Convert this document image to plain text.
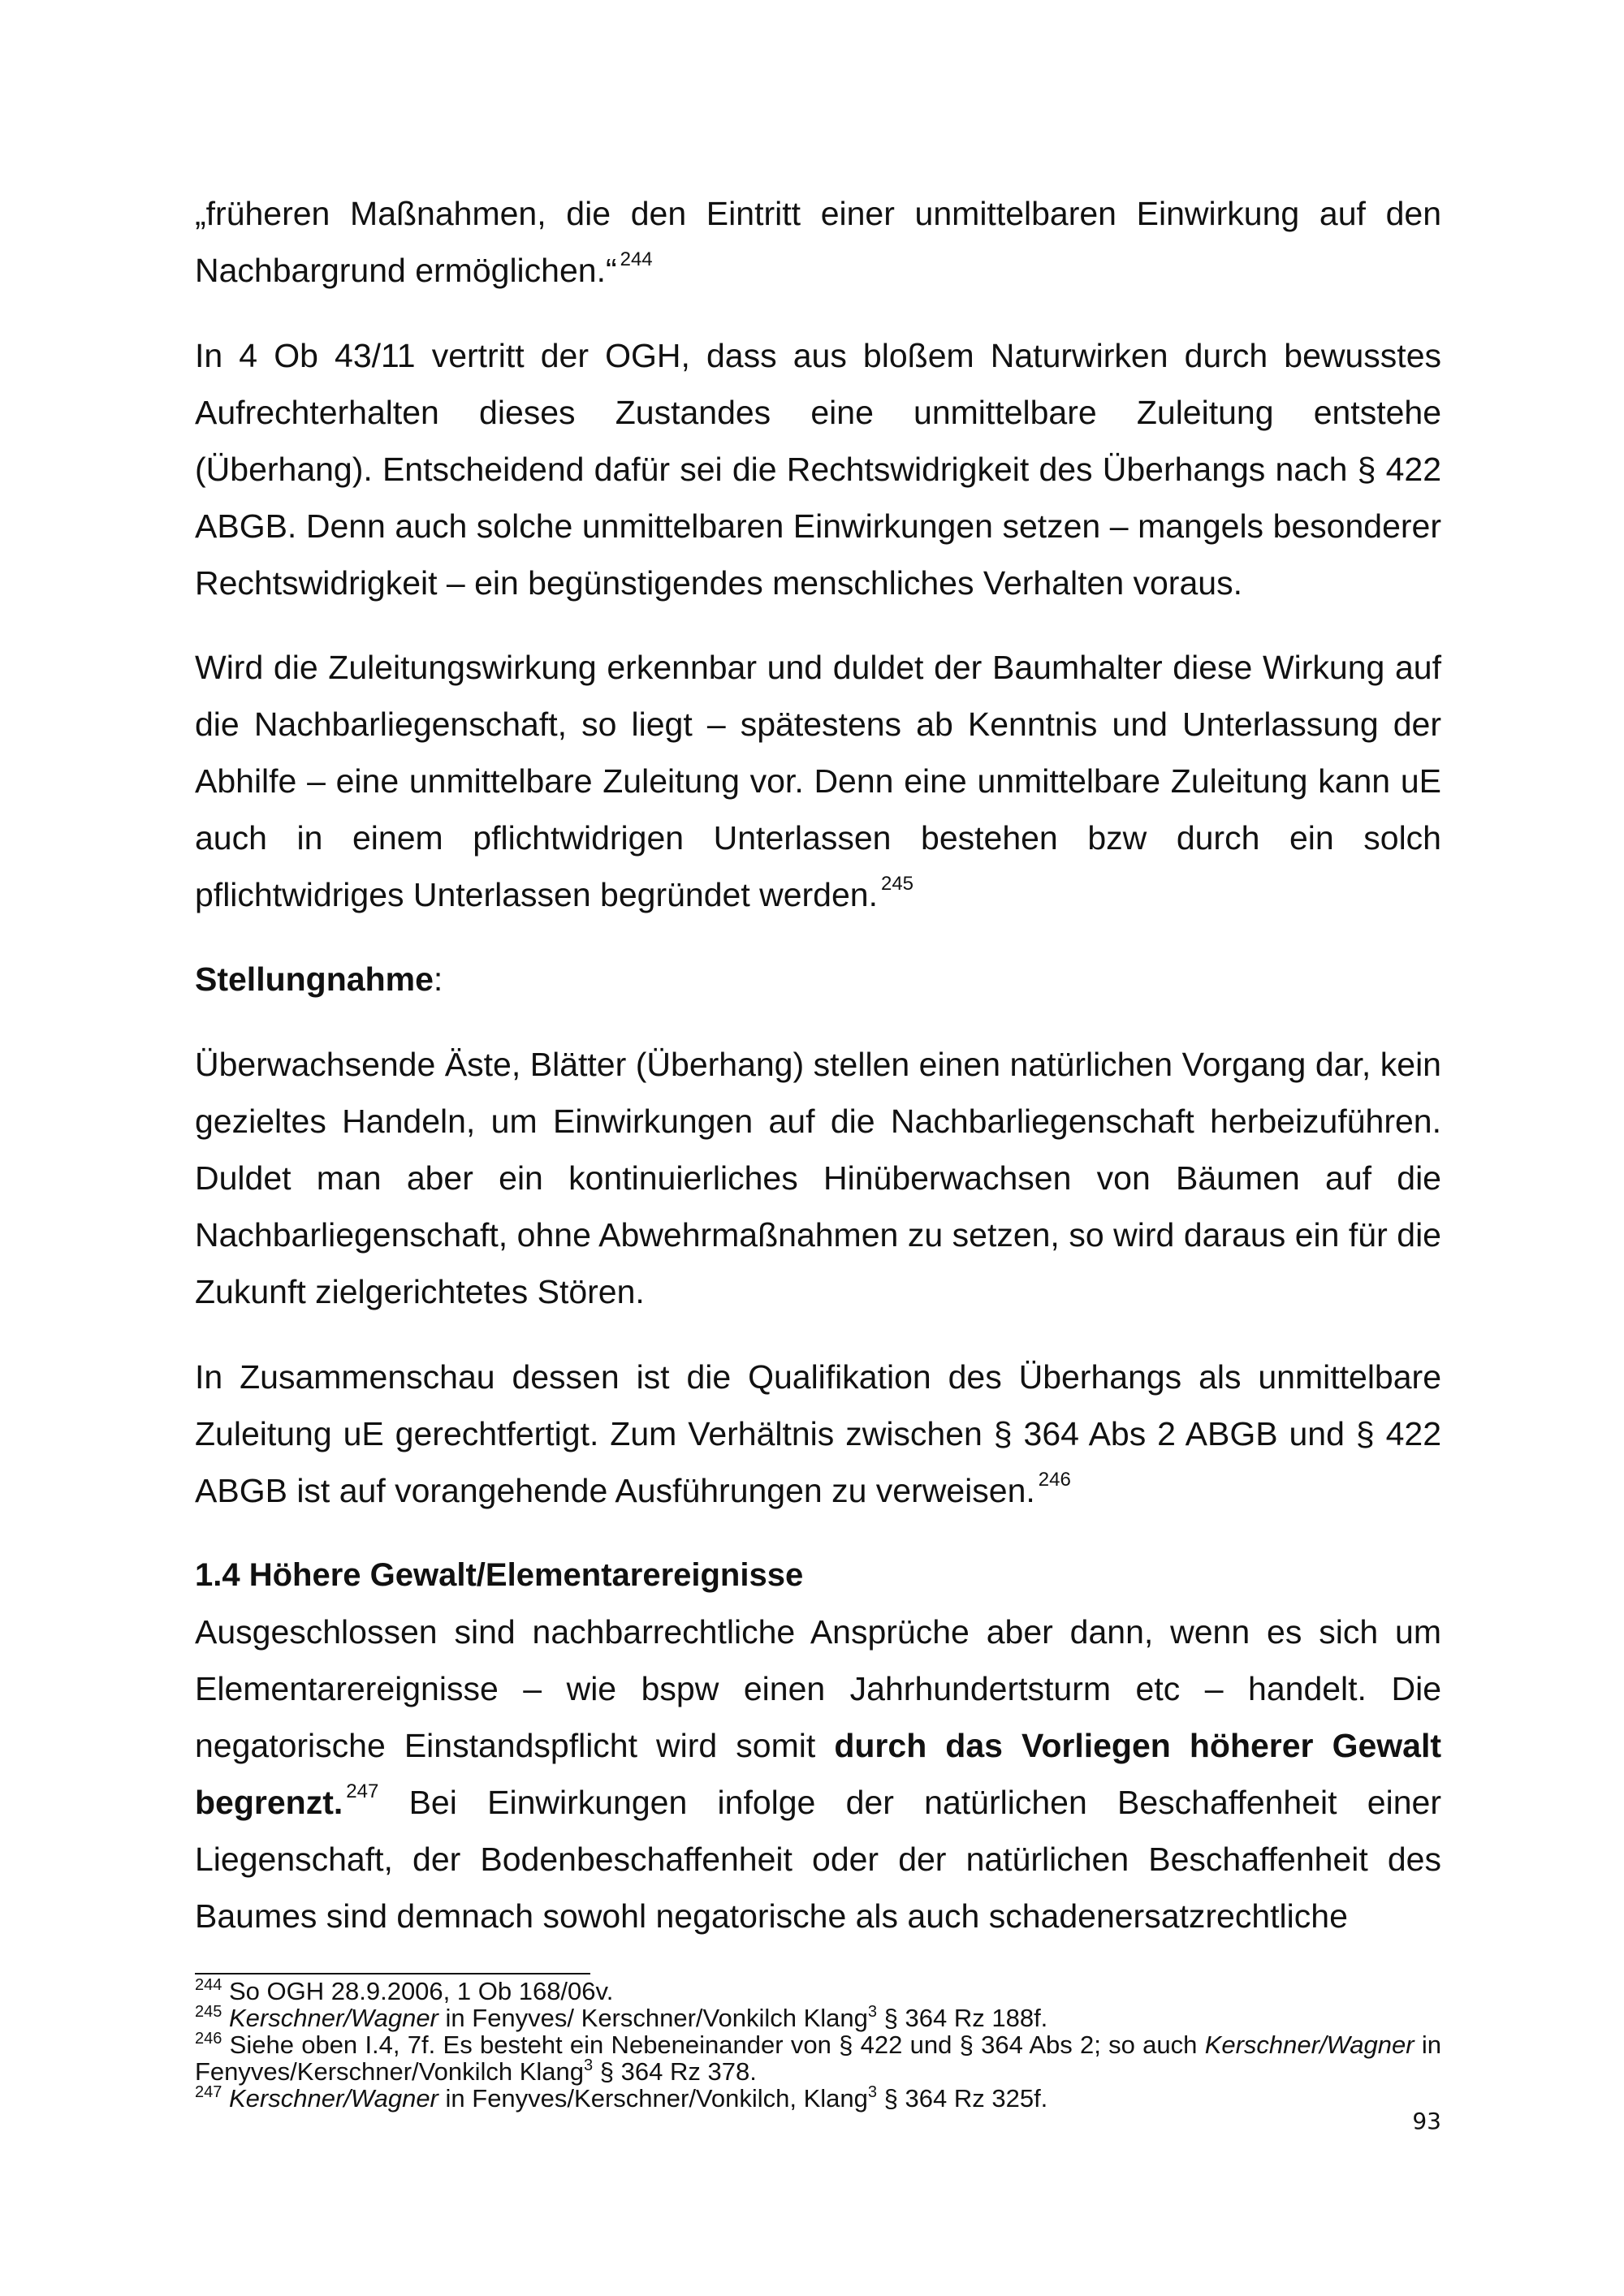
„früheren Maßnahmen, die den Eintritt einer unmittelbaren Einwirkung auf den Nachbargrund ermöglichen.“ $^{244}$

In 4 Ob 43/11 vertritt der OGH, dass aus bloßem Naturwirken durch bewusstes Aufrechterhalten dieses Zustandes eine unmittelbare Zuleitung entstehe (Überhang). Entscheidend dafür sei die Rechtswidrigkeit des Überhangs nach § 422 ABGB. Denn auch solche unmittelbaren Einwirkungen setzen – mangels besonderer Rechtswidrigkeit – ein begünstigendes menschliches Verhalten voraus.

Wird die Zuleitungswirkung erkennbar und duldet der Baumhalter diese Wirkung auf die Nachbarliegenschaft, so liegt – spätestens ab Kenntnis und Unterlassung der Abhilfe – eine unmittelbare Zuleitung vor. Denn eine unmittelbare Zuleitung kann uE auch in einem pflichtwidrigen Unterlassen bestehen bzw durch ein solch pflichtwidriges Unterlassen begründet werden. $^{245}$

Stellungnahme:

Überwachsende Äste, Blätter (Überhang) stellen einen natürlichen Vorgang dar, kein gezieltes Handeln, um Einwirkungen auf die Nachbarliegenschaft herbeizuführen. Duldet man aber ein kontinuierliches Hinüberwachsen von Bäumen auf die Nachbarliegenschaft, ohne Abwehrmaßnahmen zu setzen, so wird daraus ein für die Zukunft zielgerichtetes Stören.

In Zusammenschau dessen ist die Qualifikation des Überhangs als unmittelbare Zuleitung uE gerechtfertigt. Zum Verhältnis zwischen § 364 Abs 2 ABGB und § 422 ABGB ist auf vorangehende Ausführungen zu verweisen. $^{246}$

1.4 Höhere Gewalt/Elementarereignisse

Ausgeschlossen sind nachbarrechtliche Ansprüche aber dann, wenn es sich um Elementarereignisse – wie bspw einen Jahrhundertsturm etc – handelt. Die negatorische Einstandspflicht wird somit durch das Vorliegen höherer Gewalt begrenzt. $^{247}$ Bei Einwirkungen infolge der natürlichen Beschaffenheit einer Liegenschaft, der Bodenbeschaffenheit oder der natürlichen Beschaffenheit des Baumes sind demnach sowohl negatorische als auch schadenersatzrechtliche

$^{244}$ So OGH 28.9.2006, 1 Ob 168/06v.

$^{245}$ Kerschner/Wagner in Fenyves/ Kerschner/Vonkilch Klang$^3$ § 364 Rz 188f.

$^{246}$ Siehe oben I.4, 7f. Es besteht ein Nebeneinander von § 422 und § 364 Abs 2; so auch Kerschner/Wagner in Fenyves/Kerschner/Vonkilch Klang$^3$ § 364 Rz 378.

$^{247}$ Kerschner/Wagner in Fenyves/Kerschner/Vonkilch, Klang$^3$ § 364 Rz 325f.

93
